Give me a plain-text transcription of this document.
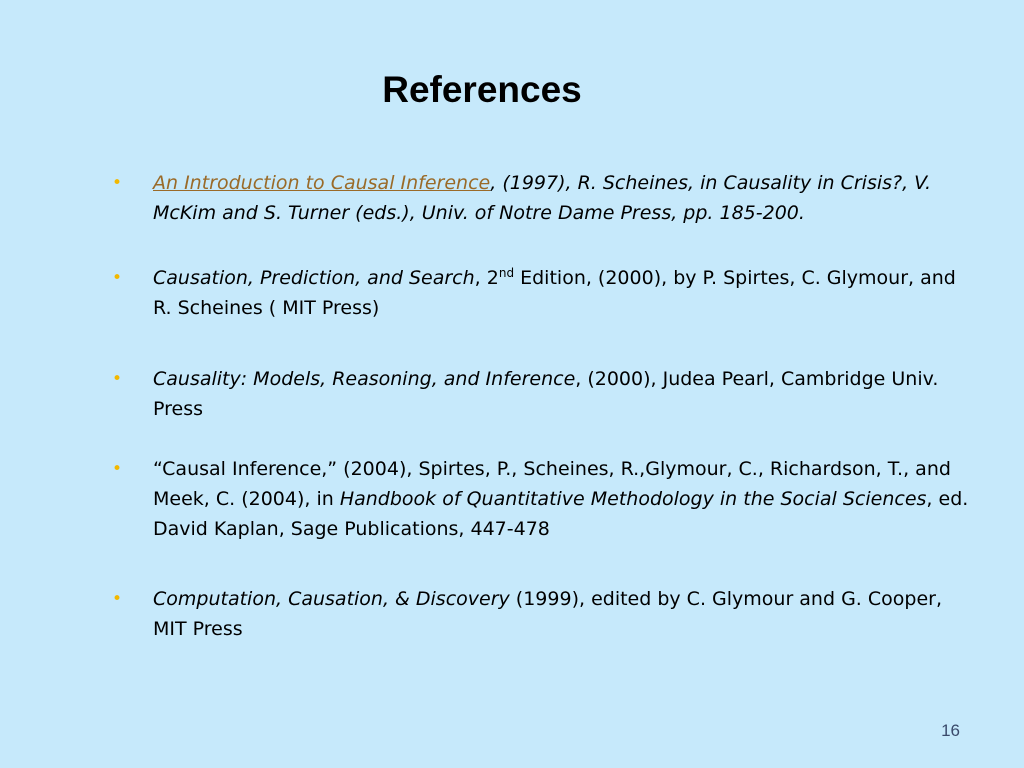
References
• An Introduction to Causal Inference, (1997), R. Scheines, in Causality in Crisis?, V. McKim and S. Turner (eds.), Univ. of Notre Dame Press, pp. 185-200.
• Causation, Prediction, and Search, 2nd Edition, (2000), by P. Spirtes, C. Glymour, and R. Scheines ( MIT Press)
• Causality: Models, Reasoning, and Inference, (2000), Judea Pearl, Cambridge Univ. Press
• “Causal Inference,” (2004), Spirtes, P., Scheines, R.,Glymour, C., Richardson, T., and Meek, C. (2004), in Handbook of Quantitative Methodology in the Social Sciences, ed. David Kaplan, Sage Publications, 447-478
• Computation, Causation, & Discovery (1999), edited by C. Glymour and G. Cooper, MIT Press
16
